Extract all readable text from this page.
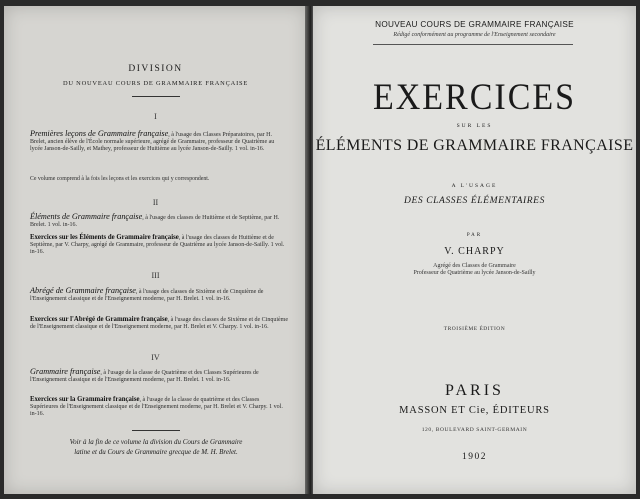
DIVISION
DU NOUVEAU COURS DE GRAMMAIRE FRANÇAISE
I
Premières leçons de Grammaire française, à l'usage des Classes Préparatoires, par H. Brelet, ancien élève de l'École normale supérieure, agrégé de Grammaire, professeur de Quatrième au lycée Janson-de-Sailly, et Mathey, professeur de Huitième au lycée Janson-de-Sailly. 1 vol. in-16.
Ce volume comprend à la fois les leçons et les exercices qui y correspondent.
II
Éléments de Grammaire française, à l'usage des classes de Huitième et de Septième, par H. Brelet. 1 vol. in-16.
Exercices sur les Éléments de Grammaire française, à l'usage des classes de Huitième et de Septième, par V. Charpy, agrégé de Grammaire, professeur de Quatrième au lycée Janson-de-Sailly. 1 vol. in-16.
III
Abrégé de Grammaire française, à l'usage des classes de Sixième et de Cinquième de l'Enseignement classique et de l'Enseignement moderne, par H. Brelet. 1 vol. in-16.
Exercices sur l'Abrégé de Grammaire française, à l'usage des classes de Sixième et de Cinquième de l'Enseignement classique et de l'Enseignement moderne, par H. Brelet et V. Charpy. 1 vol. in-16.
IV
Grammaire française, à l'usage de la classe de Quatrième et des Classes Supérieures de l'Enseignement classique et de l'Enseignement moderne, par H. Brelet. 1 vol. in-16.
Exercices sur la Grammaire française, à l'usage de la classe de quatrième et des Classes Supérieures de l'Enseignement classique et de l'Enseignement moderne, par H. Brelet et V. Charpy. 1 vol. in-16.
Voir à la fin de ce volume la division du Cours de Grammaire
latine et du Cours de Grammaire grecque de M. H. Brelet.
NOUVEAU COURS DE GRAMMAIRE FRANÇAISE
Rédigé conformément au programme de l'Enseignement secondaire
EXERCICES
SUR LES
ÉLÉMENTS DE GRAMMAIRE FRANÇAISE
A L'USAGE
DES CLASSES ÉLÉMENTAIRES
PAR
V. CHARPY
Agrégé des Classes de Grammaire
Professeur de Quatrième au lycée Janson-de-Sailly
TROISIÈME ÉDITION
PARIS
MASSON ET Cie, ÉDITEURS
120, BOULEVARD SAINT-GERMAIN
1902
